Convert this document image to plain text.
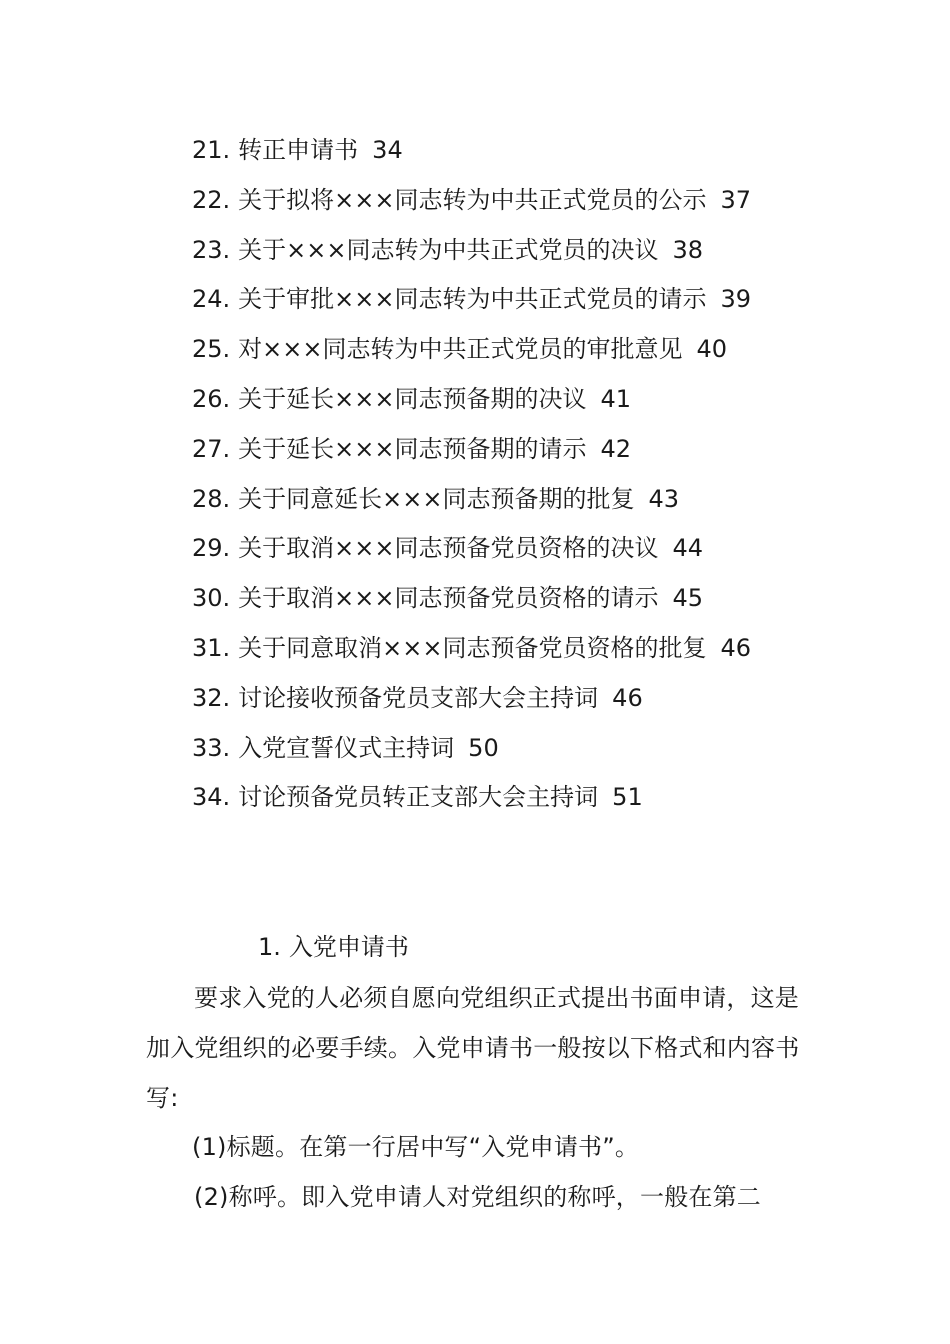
21. 转正申请书 34
22. 关于拟将×××同志转为中共正式党员的公示 37
23. 关于×××同志转为中共正式党员的决议 38
24. 关于审批×××同志转为中共正式党员的请示 39
25. 对×××同志转为中共正式党员的审批意见 40
26. 关于延长×××同志预备期的决议 41
27. 关于延长×××同志预备期的请示 42
28. 关于同意延长×××同志预备期的批复 43
29. 关于取消×××同志预备党员资格的决议 44
30. 关于取消×××同志预备党员资格的请示 45
31. 关于同意取消×××同志预备党员资格的批复 46
32. 讨论接收预备党员支部大会主持词 46
33. 入党宣誓仪式主持词 50
34. 讨论预备党员转正支部大会主持词 51
1. 入党申请书

要求入党的人必须自愿向党组织正式提出书面申请，这是加入党组织的必要手续。入党申请书一般按以下格式和内容书写:

(1)标题。在第一行居中写“入党申请书”。

(2)称呼。即入党申请人对党组织的称呼，一般在第二
